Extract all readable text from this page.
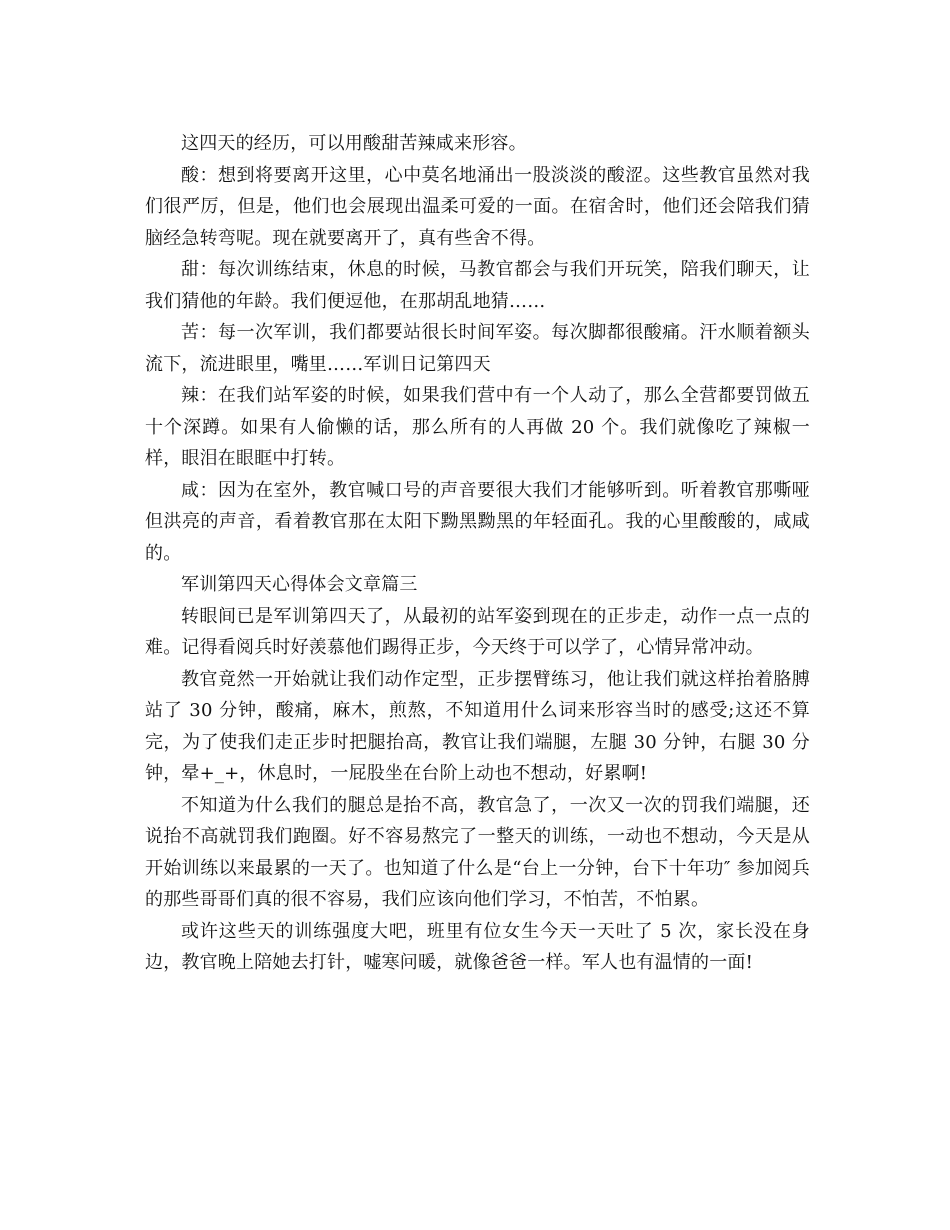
这四天的经历，可以用酸甜苦辣咸来形容。

酸：想到将要离开这里，心中莫名地涌出一股淡淡的酸涩。这些教官虽然对我们很严厉，但是，他们也会展现出温柔可爱的一面。在宿舍时，他们还会陪我们猜脑经急转弯呢。现在就要离开了，真有些舍不得。

甜：每次训练结束，休息的时候，马教官都会与我们开玩笑，陪我们聊天，让我们猜他的年龄。我们便逗他，在那胡乱地猜……

苦：每一次军训，我们都要站很长时间军姿。每次脚都很酸痛。汗水顺着额头流下，流进眼里，嘴里……军训日记第四天

辣：在我们站军姿的时候，如果我们营中有一个人动了，那么全营都要罚做五十个深蹲。如果有人偷懒的话，那么所有的人再做 20 个。我们就像吃了辣椒一样，眼泪在眼眶中打转。

咸：因为在室外，教官喊口号的声音要很大我们才能够听到。听着教官那嘶哑但洪亮的声音，看着教官那在太阳下黝黑黝黑的年轻面孔。我的心里酸酸的，咸咸的。

军训第四天心得体会文章篇三

转眼间已是军训第四天了，从最初的站军姿到现在的正步走，动作一点一点的难。记得看阅兵时好羡慕他们踢得正步，今天终于可以学了，心情异常冲动。

教官竟然一开始就让我们动作定型，正步摆臂练习，他让我们就这样抬着胳膊站了 30 分钟，酸痛，麻木，煎熬，不知道用什么词来形容当时的感受;这还不算完，为了使我们走正步时把腿抬高，教官让我们端腿，左腿 30 分钟，右腿 30 分钟，晕+_+，休息时，一屁股坐在台阶上动也不想动，好累啊!

不知道为什么我们的腿总是抬不高，教官急了，一次又一次的罚我们端腿，还说抬不高就罚我们跑圈。好不容易熬完了一整天的训练，一动也不想动，今天是从开始训练以来最累的一天了。也知道了什么是“台上一分钟，台下十年功″ 参加阅兵的那些哥哥们真的很不容易，我们应该向他们学习，不怕苦，不怕累。

或许这些天的训练强度大吧，班里有位女生今天一天吐了 5 次，家长没在身边，教官晚上陪她去打针，嘘寒问暖，就像爸爸一样。军人也有温情的一面!
